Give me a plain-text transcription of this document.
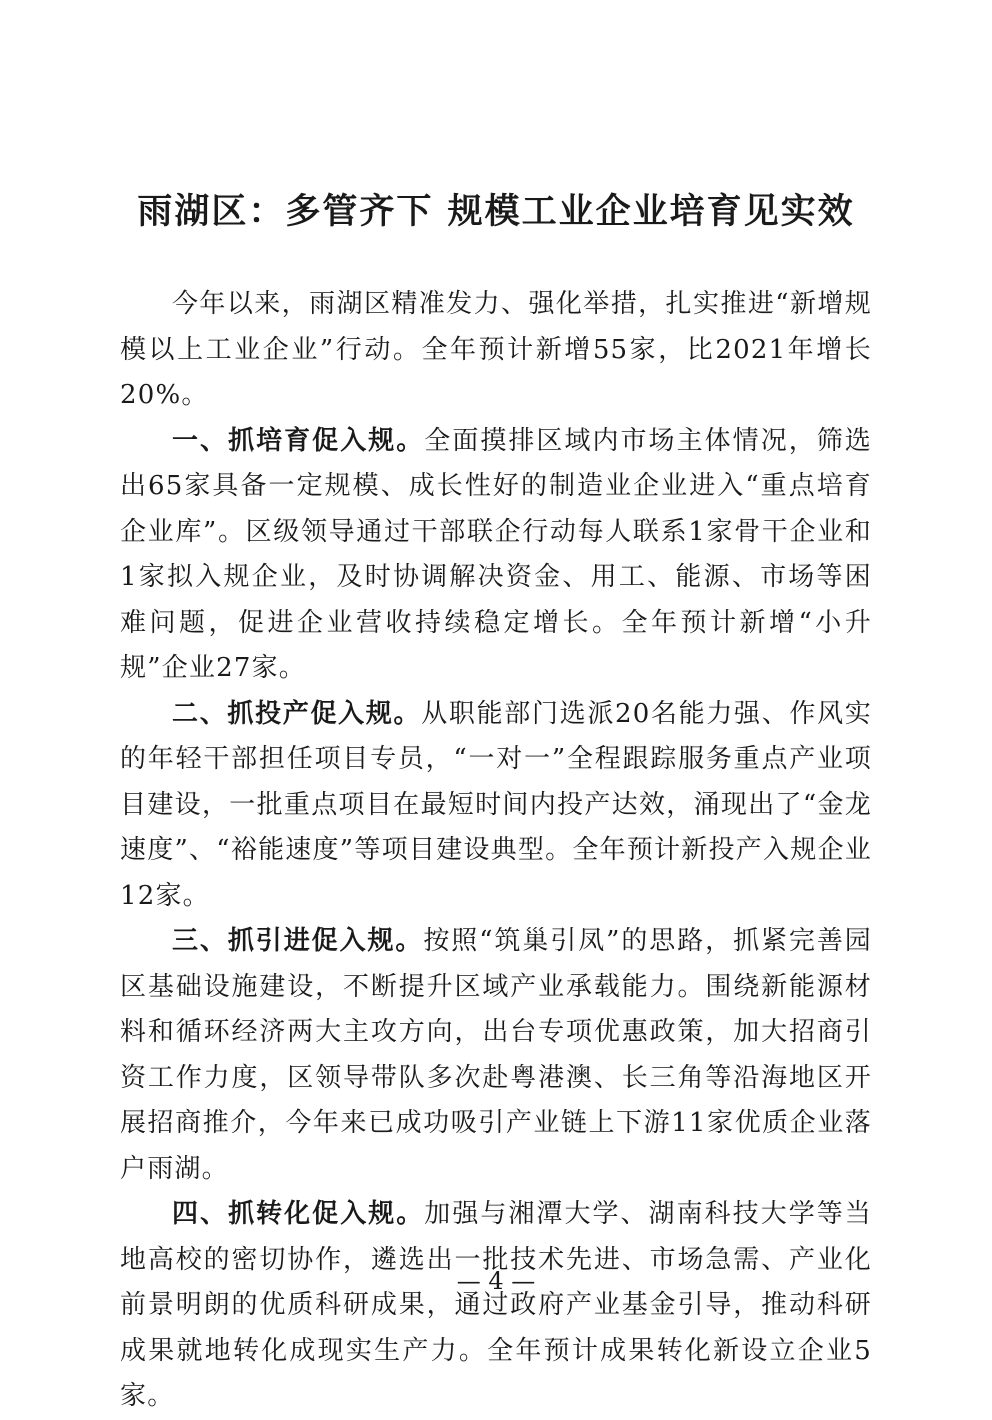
雨湖区：多管齐下 规模工业企业培育见实效

今年以来，雨湖区精准发力、强化举措，扎实推进“新增规模以上工业企业”行动。全年预计新增55家，比2021年增长20%。

一、抓培育促入规。全面摸排区域内市场主体情况，筛选出65家具备一定规模、成长性好的制造业企业进入“重点培育企业库”。区级领导通过干部联企行动每人联系1家骨干企业和1家拟入规企业，及时协调解决资金、用工、能源、市场等困难问题，促进企业营收持续稳定增长。全年预计新增“小升规”企业27家。

二、抓投产促入规。从职能部门选派20名能力强、作风实的年轻干部担任项目专员，“一对一”全程跟踪服务重点产业项目建设，一批重点项目在最短时间内投产达效，涌现出了“金龙速度”、“裕能速度”等项目建设典型。全年预计新投产入规企业12家。

三、抓引进促入规。按照“筑巢引凤”的思路，抓紧完善园区基础设施建设，不断提升区域产业承载能力。围绕新能源材料和循环经济两大主攻方向，出台专项优惠政策，加大招商引资工作力度，区领导带队多次赴粤港澳、长三角等沿海地区开展招商推介，今年来已成功吸引产业链上下游11家优质企业落户雨湖。

四、抓转化促入规。加强与湘潭大学、湖南科技大学等当地高校的密切协作，遴选出一批技术先进、市场急需、产业化前景明朗的优质科研成果，通过政府产业基金引导，推动科研成果就地转化成现实生产力。全年预计成果转化新设立企业5家。

— 4 —
